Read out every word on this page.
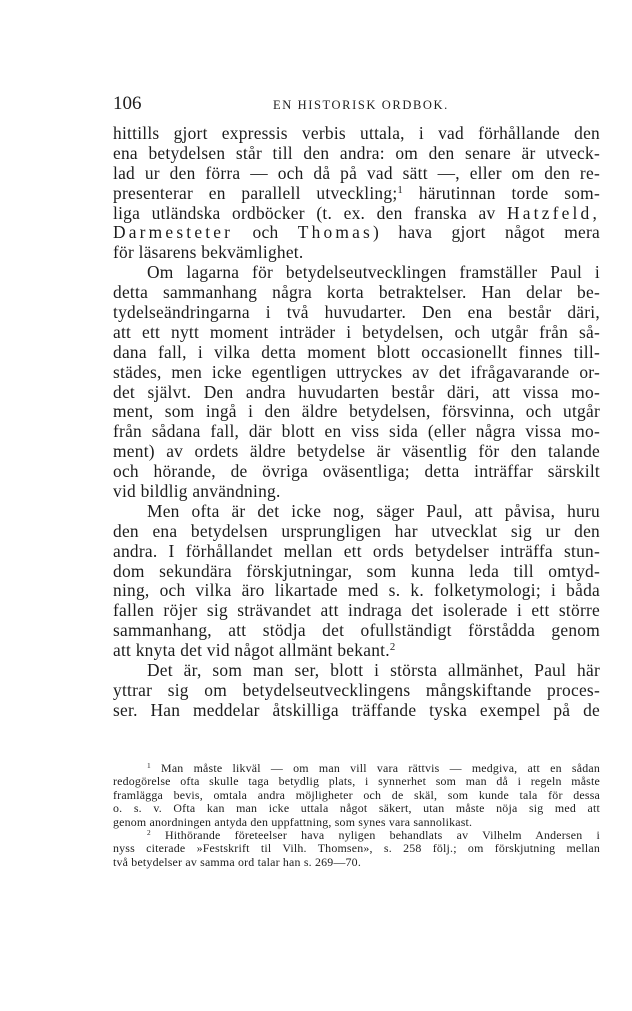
106	EN HISTORISK ORDBOK.
hittills gjort expressis verbis uttala, i vad förhållande den
ena betydelsen står till den andra: om den senare är utveck-
lad ur den förra — och då på vad sätt —, eller om den re-
presenterar en parallell utveckling;$^1$ härutinnan torde som-
liga utländska ordböcker (t. ex. den franska av Hatzfeld,
Darmesteter och Thomas) hava gjort något mera
för läsarens bekvämlighet.
Om lagarna för betydelseutvecklingen framställer Paul i
detta sammanhang några korta betraktelser. Han delar be-
tydelseändringarna i två huvudarter. Den ena består däri,
att ett nytt moment inträder i betydelsen, och utgår från så-
dana fall, i vilka detta moment blott occasionellt finnes till-
städes, men icke egentligen uttryckes av det ifrågavarande or-
det självt. Den andra huvudarten består däri, att vissa mo-
ment, som ingå i den äldre betydelsen, försvinna, och utgår
från sådana fall, där blott en viss sida (eller några vissa mo-
ment) av ordets äldre betydelse är väsentlig för den talande
och hörande, de övriga oväsentliga; detta inträffar särskilt
vid bildlig användning.
Men ofta är det icke nog, säger Paul, att påvisa, huru
den ena betydelsen ursprungligen har utvecklat sig ur den
andra. I förhållandet mellan ett ords betydelser inträffa stun-
dom sekundära förskjutningar, som kunna leda till omtyd-
ning, och vilka äro likartade med s. k. folketymologi; i båda
fallen röjer sig strävandet att indraga det isolerade i ett större
sammanhang, att stödja det ofullständigt förstådda genom
att knyta det vid något allmänt bekant.$^2$
Det är, som man ser, blott i största allmänhet, Paul här
yttrar sig om betydelseutvecklingens mångskiftande proces-
ser. Han meddelar åtskilliga träffande tyska exempel på de
$^1$ Man måste likväl — om man vill vara rättvis — medgiva, att en sådan
redogörelse ofta skulle taga betydlig plats, i synnerhet som man då i regeln måste
framlägga bevis, omtala andra möjligheter och de skäl, som kunde tala för dessa
o. s. v. Ofta kan man icke uttala något säkert, utan måste nöja sig med att
genom anordningen antyda den uppfattning, som synes vara sannolikast.
$^2$ Hithörande företeelser hava nyligen behandlats av Vilhelm Andersen i
nyss citerade »Festskrift til Vilh. Thomsen», s. 258 följ.; om förskjutning mellan
två betydelser av samma ord talar han s. 269—70.
